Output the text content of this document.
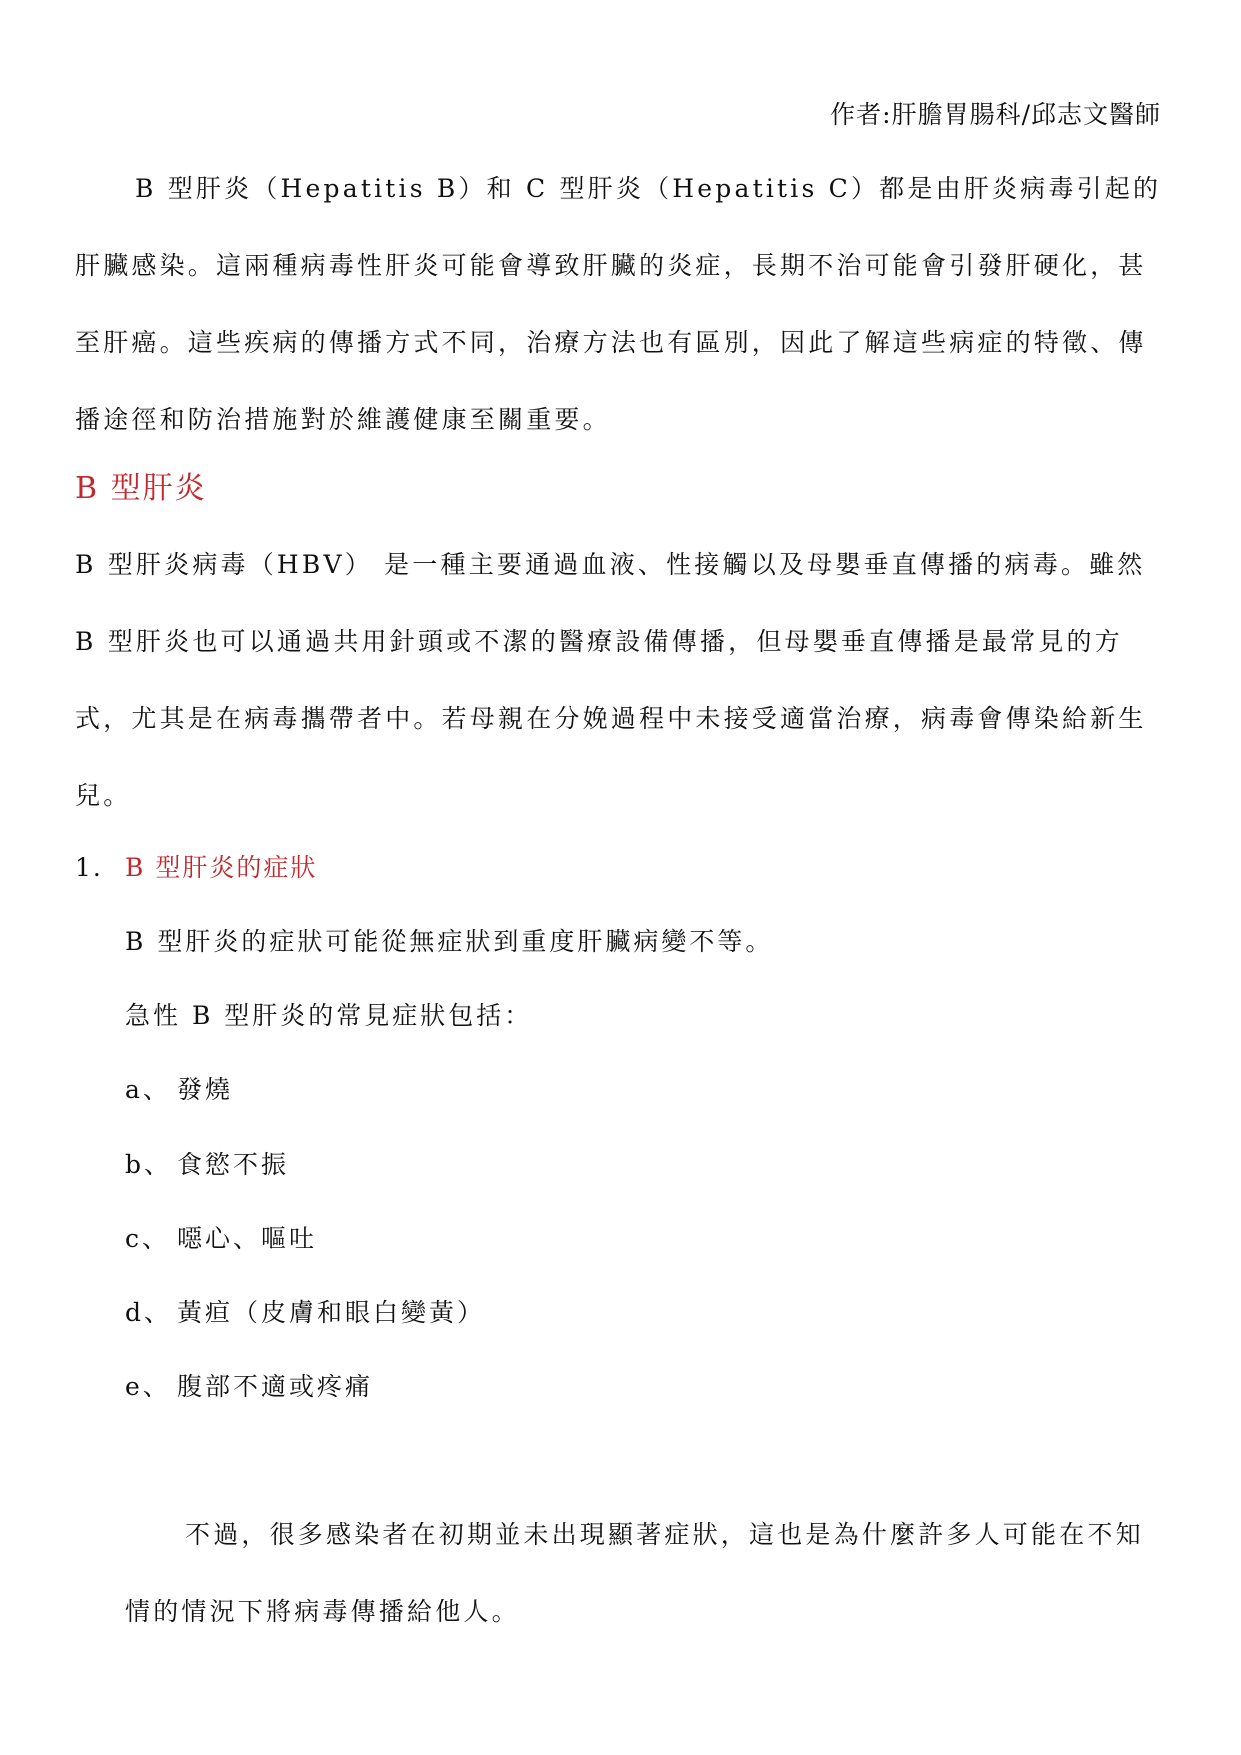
作者:肝膽胃腸科/邱志文醫師

B 型肝炎（Hepatitis B）和 C 型肝炎（Hepatitis C）都是由肝炎病毒引起的肝臟感染。這兩種病毒性肝炎可能會導致肝臟的炎症，長期不治可能會引發肝硬化，甚至肝癌。這些疾病的傳播方式不同，治療方法也有區別，因此了解這些病症的特徵、傳播途徑和防治措施對於維護健康至關重要。

B 型肝炎

B 型肝炎病毒（HBV） 是一種主要通過血液、性接觸以及母嬰垂直傳播的病毒。雖然 B 型肝炎也可以通過共用針頭或不潔的醫療設備傳播，但母嬰垂直傳播是最常見的方式，尤其是在病毒攜帶者中。若母親在分娩過程中未接受適當治療，病毒會傳染給新生兒。

1. B 型肝炎的症狀

B 型肝炎的症狀可能從無症狀到重度肝臟病變不等。

急性 B 型肝炎的常見症狀包括：

a、 發燒
b、 食慾不振
c、 噁心、嘔吐
d、 黃疸（皮膚和眼白變黃）
e、 腹部不適或疼痛

不過，很多感染者在初期並未出現顯著症狀，這也是為什麼許多人可能在不知情的情況下將病毒傳播給他人。
